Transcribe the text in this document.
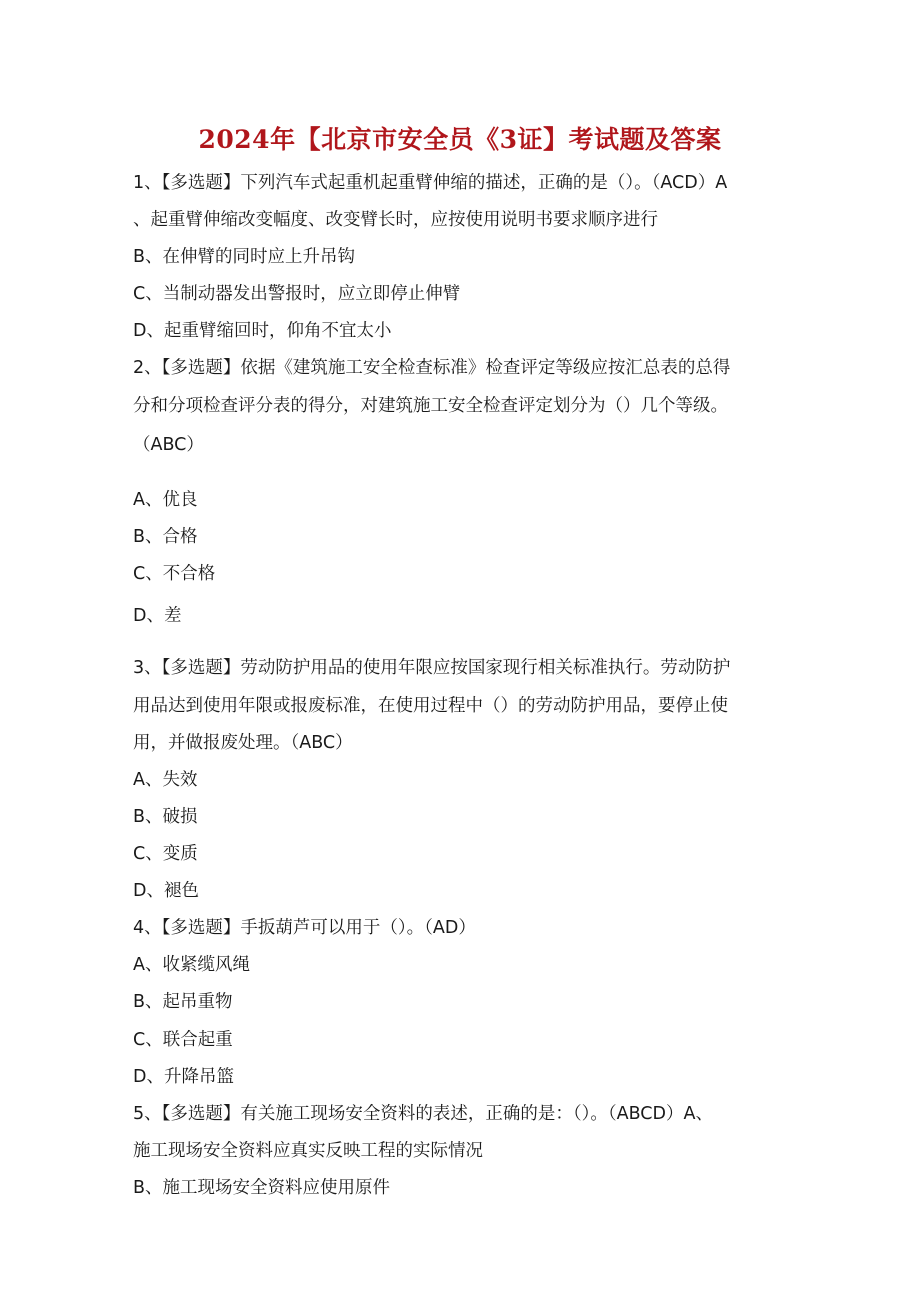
2024年【北京市安全员《3证】考试题及答案

1、【多选题】下列汽车式起重机起重臂伸缩的描述，正确的是（）。（ACD）A

、起重臂伸缩改变幅度、改变臂长时，应按使用说明书要求顺序进行

B、在伸臂的同时应上升吊钩

C、当制动器发出警报时，应立即停止伸臂

D、起重臂缩回时，仰角不宜太小

2、【多选题】依据《建筑施工安全检查标准》检查评定等级应按汇总表的总得

分和分项检查评分表的得分，对建筑施工安全检查评定划分为（）几个等级。

（ABC）

A、优良

B、合格

C、不合格

D、差

3、【多选题】劳动防护用品的使用年限应按国家现行相关标准执行。劳动防护

用品达到使用年限或报废标准，在使用过程中（）的劳动防护用品，要停止使

用，并做报废处理。（ABC）

A、失效

B、破损

C、变质

D、褪色

4、【多选题】手扳葫芦可以用于（）。（AD）

A、收紧缆风绳

B、起吊重物

C、联合起重

D、升降吊篮

5、【多选题】有关施工现场安全资料的表述，正确的是：（）。（ABCD）A、

施工现场安全资料应真实反映工程的实际情况

B、施工现场安全资料应使用原件
